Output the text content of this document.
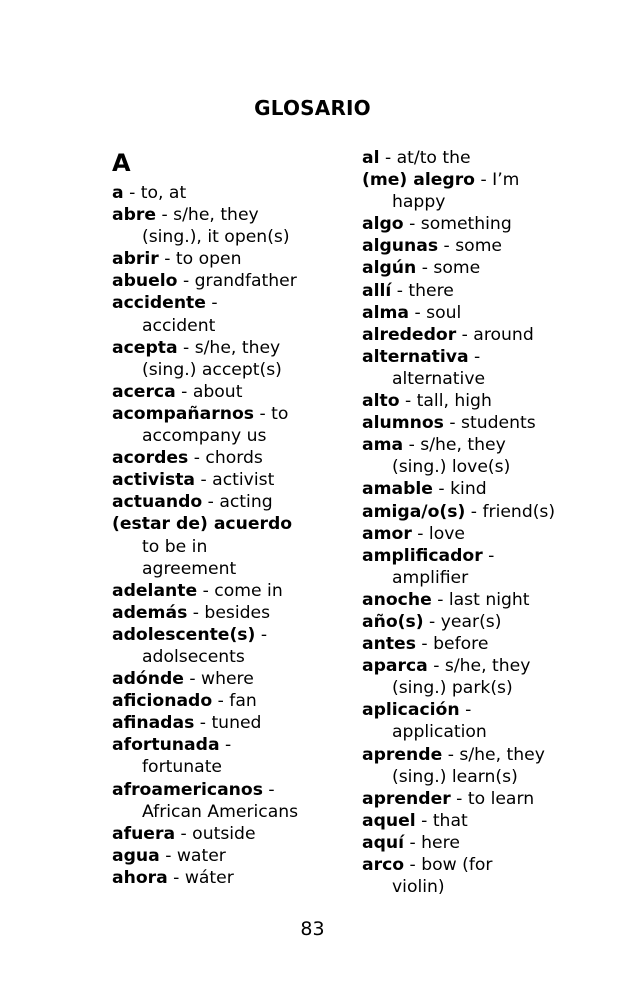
GLOSARIO
A
a - to, at
abre - s/he, they
(sing.), it open(s)
abrir - to open
abuelo - grandfather
accidente -
accident
acepta - s/he, they
(sing.) accept(s)
acerca - about
acompañarnos - to
accompany us
acordes - chords
activista - activist
actuando - acting
(estar de) acuerdo
to be in
agreement
adelante - come in
además - besides
adolescente(s) -
adolsecents
adónde - where
aficionado - fan
afinadas - tuned
afortunada -
fortunate
afroamericanos -
African Americans
afuera - outside
agua - water
ahora - wáter
al - at/to the
(me) alegro - I’m
happy
algo - something
algunas - some
algún - some
allí - there
alma - soul
alrededor - around
alternativa -
alternative
alto - tall, high
alumnos - students
ama - s/he, they
(sing.) love(s)
amable - kind
amiga/o(s) - friend(s)
amor - love
amplificador -
amplifier
anoche - last night
año(s) - year(s)
antes - before
aparca - s/he, they
(sing.) park(s)
aplicación -
application
aprende - s/he, they
(sing.) learn(s)
aprender - to learn
aquel - that
aquí - here
arco - bow (for
violin)
83
